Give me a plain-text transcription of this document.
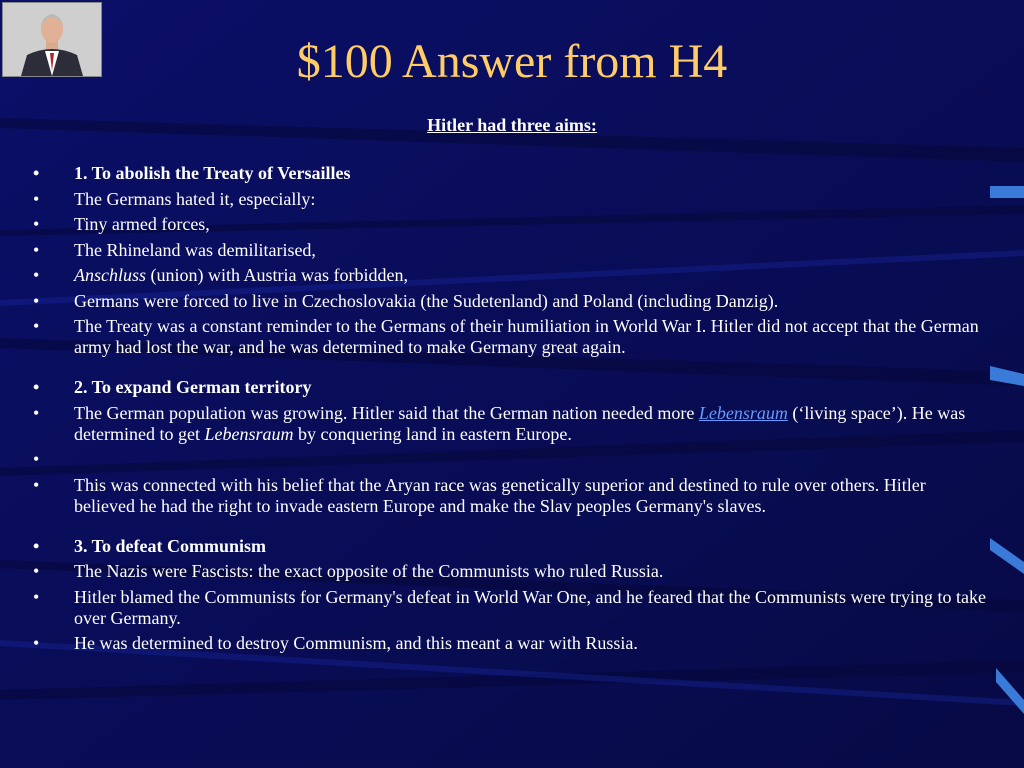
$100 Answer from H4
Hitler had three aims:
• 1. To abolish the Treaty of Versailles
• The Germans hated it, especially:
• Tiny armed forces,
• The Rhineland was demilitarised,
• Anschluss (union) with Austria was forbidden,
• Germans were forced to live in Czechoslovakia (the Sudetenland) and Poland (including Danzig).
• The Treaty was a constant reminder to the Germans of their humiliation in World War I. Hitler did not accept that the German army had lost the war, and he was determined to make Germany great again.
• 2. To expand German territory
• The German population was growing. Hitler said that the German nation needed more Lebensraum (‘living space’). He was determined to get Lebensraum by conquering land in eastern Europe.
•
• This was connected with his belief that the Aryan race was genetically superior and destined to rule over others. Hitler believed he had the right to invade eastern Europe and make the Slav peoples Germany's slaves.
• 3. To defeat Communism
• The Nazis were Fascists: the exact opposite of the Communists who ruled Russia.
• Hitler blamed the Communists for Germany's defeat in World War One, and he feared that the Communists were trying to take over Germany.
• He was determined to destroy Communism, and this meant a war with Russia.
